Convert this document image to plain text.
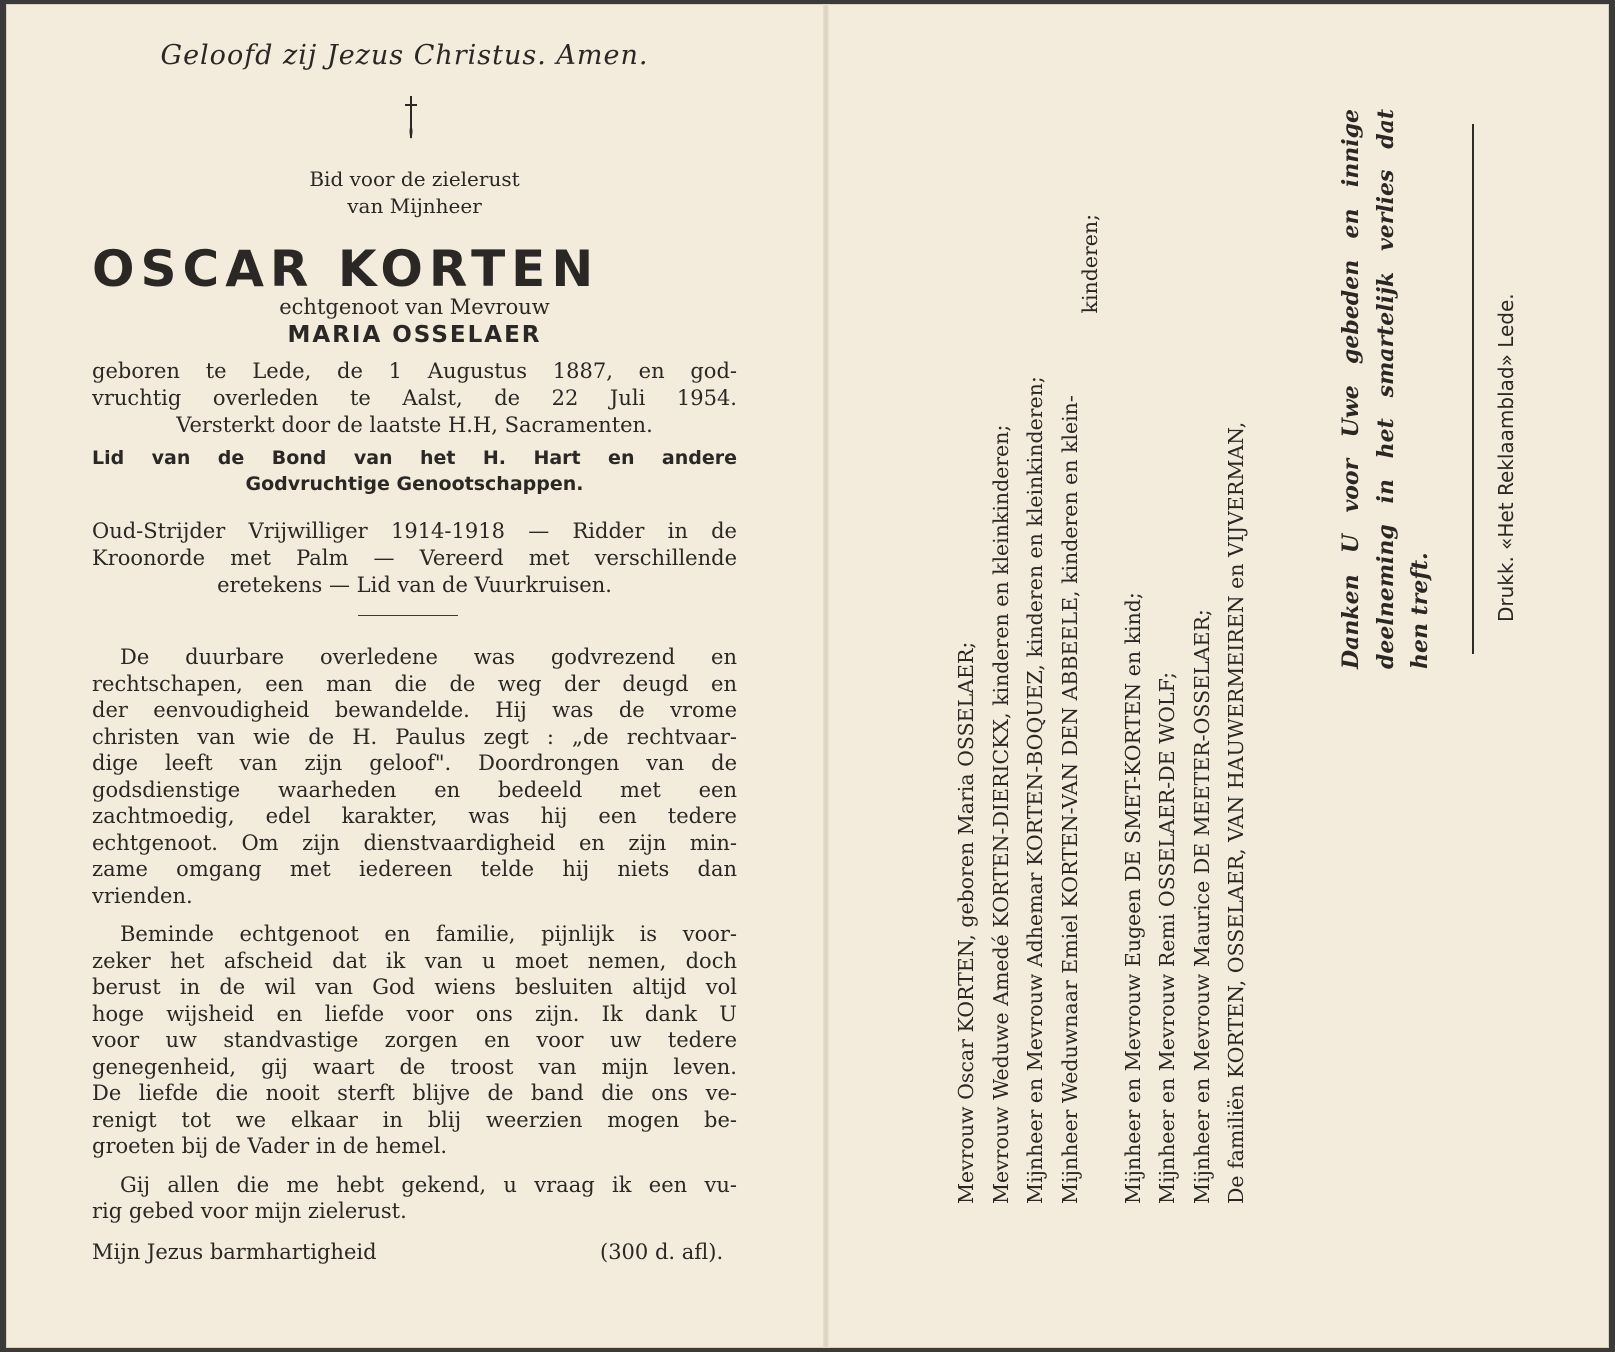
Geloofd zij Jezus Christus. Amen.
Bid voor de zielerust
van Mijnheer
OSCAR KORTEN
echtgenoot van Mevrouw
MARIA OSSELAER
geboren te Lede, de 1 Augustus 1887, en god-
vruchtig overleden te Aalst, de 22 Juli 1954.
Versterkt door de laatste H.H, Sacramenten.
Lid van de Bond van het H. Hart en andere
Godvruchtige Genootschappen.
Oud-Strijder Vrijwilliger 1914-1918 — Ridder in de
Kroonorde met Palm — Vereerd met verschillende
eretekens — Lid van de Vuurkruisen.
De duurbare overledene was godvrezend en
rechtschapen, een man die de weg der deugd en
der eenvoudigheid bewandelde. Hij was de vrome
christen van wie de H. Paulus zegt : „de rechtvaar-
dige leeft van zijn geloof". Doordrongen van de
godsdienstige waarheden en bedeeld met een
zachtmoedig, edel karakter, was hij een tedere
echtgenoot. Om zijn dienstvaardigheid en zijn min-
zame omgang met iedereen telde hij niets dan
vrienden.
Beminde echtgenoot en familie, pijnlijk is voor-
zeker het afscheid dat ik van u moet nemen, doch
berust in de wil van God wiens besluiten altijd vol
hoge wijsheid en liefde voor ons zijn. Ik dank U
voor uw standvastige zorgen en voor uw tedere
genegenheid, gij waart de troost van mijn leven.
De liefde die nooit sterft blijve de band die ons ve-
renigt tot we elkaar in blij weerzien mogen be-
groeten bij de Vader in de hemel.
Gij allen die me hebt gekend, u vraag ik een vu-
rig gebed voor mijn zielerust.
Mijn Jezus barmhartigheid	(300 d. afl).
Mevrouw Oscar KORTEN, geboren Maria OSSELAER; Mevrouw Weduwe Amedé KORTEN-DIERICKX, kinderen en kleinkinderen; Mijnheer en Mevrouw Adhemar KORTEN-BOQUEZ, kinderen en kleinkinderen; Mijnheer Weduwnaar Emiel KORTEN-VAN DEN ABBEELE, kinderen en klein-
kinderen;
Mijnheer en Mevrouw Eugeen DE SMET-KORTEN en kind; Mijnheer en Mevrouw Remi OSSELAER-DE WOLF; Mijnheer en Mevrouw Maurice DE MEETER-OSSELAER; De familiën KORTEN, OSSELAER, VAN HAUWERMEIREN en VIJVERMAN,
Danken U voor Uwe gebeden en innige deelneming in het smartelijk verlies dat hen treft.	Drukk. «Het Reklaamblad» Lede.
